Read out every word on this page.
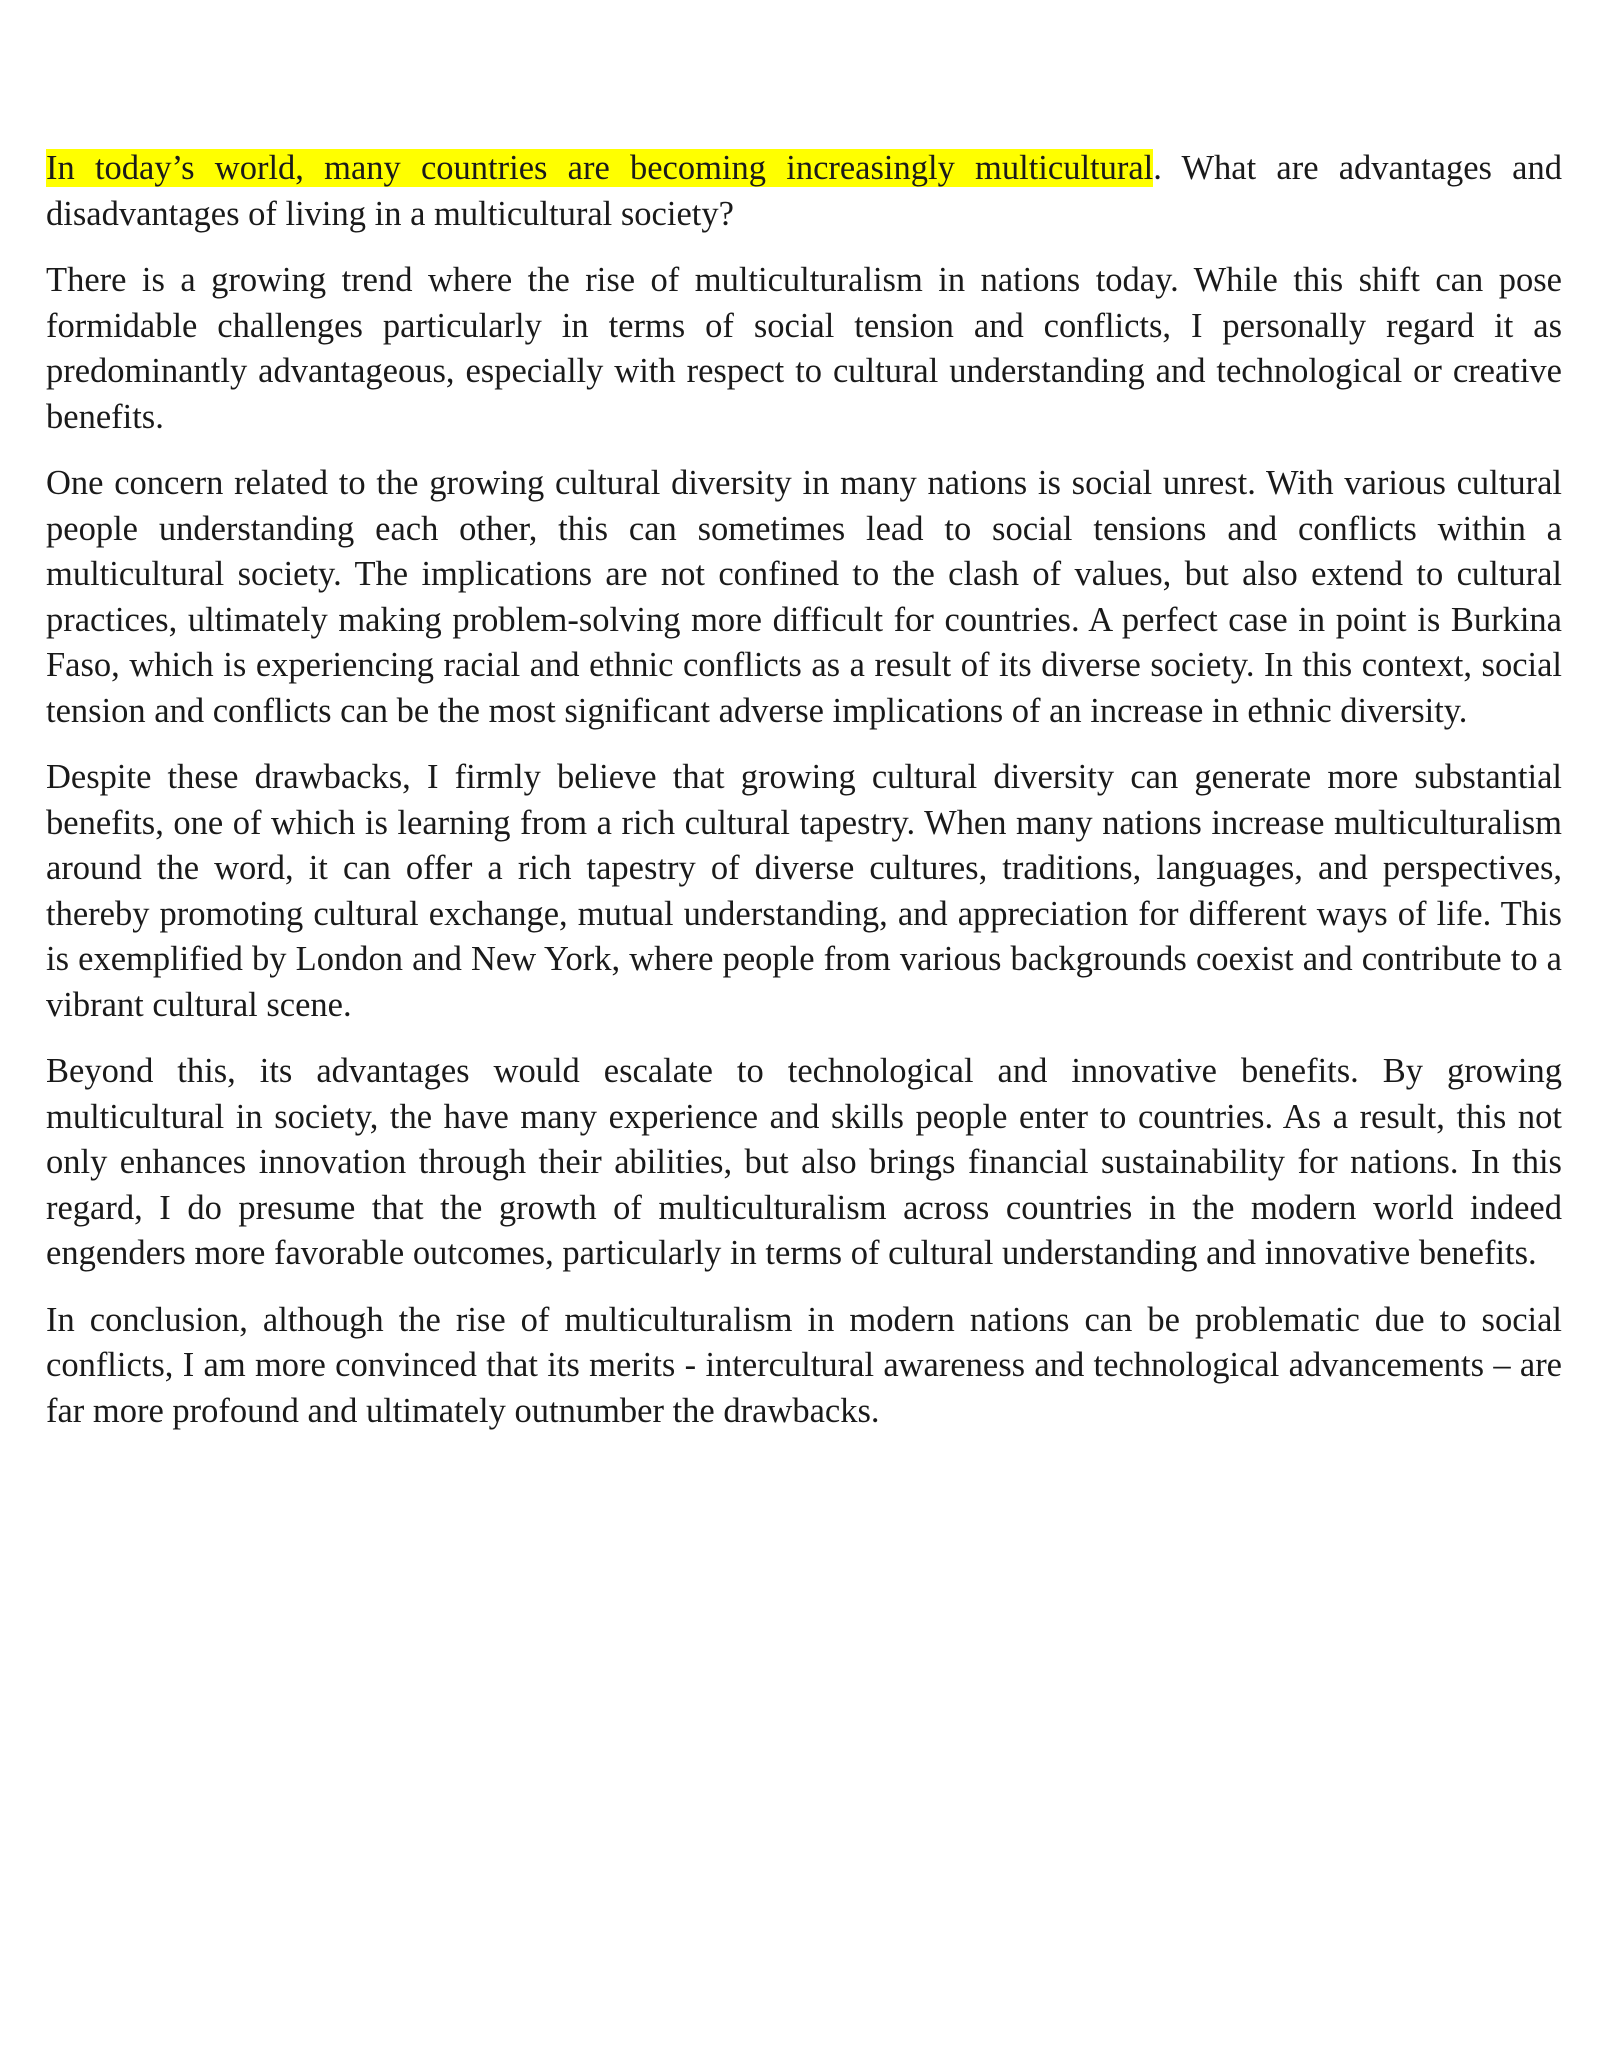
In today’s world, many countries are becoming increasingly multicultural. What are advantages and disadvantages of living in a multicultural society?

There is a growing trend where the rise of multiculturalism in nations today. While this shift can pose formidable challenges particularly in terms of social tension and conflicts, I personally regard it as predominantly advantageous, especially with respect to cultural understanding and technological or creative benefits.

One concern related to the growing cultural diversity in many nations is social unrest. With various cultural people understanding each other, this can sometimes lead to social tensions and conflicts within a multicultural society. The implications are not confined to the clash of values, but also extend to cultural practices, ultimately making problem-solving more difficult for countries. A perfect case in point is Burkina Faso, which is experiencing racial and ethnic conflicts as a result of its diverse society. In this context, social tension and conflicts can be the most significant adverse implications of an increase in ethnic diversity.

Despite these drawbacks, I firmly believe that growing cultural diversity can generate more substantial benefits, one of which is learning from a rich cultural tapestry. When many nations increase multiculturalism around the word, it can offer a rich tapestry of diverse cultures, traditions, languages, and perspectives, thereby promoting cultural exchange, mutual understanding, and appreciation for different ways of life. This is exemplified by London and New York, where people from various backgrounds coexist and contribute to a vibrant cultural scene.

Beyond this, its advantages would escalate to technological and innovative benefits. By growing multicultural in society, the have many experience and skills people enter to countries. As a result, this not only enhances innovation through their abilities, but also brings financial sustainability for nations. In this regard, I do presume that the growth of multiculturalism across countries in the modern world indeed engenders more favorable outcomes, particularly in terms of cultural understanding and innovative benefits.

In conclusion, although the rise of multiculturalism in modern nations can be problematic due to social conflicts, I am more convinced that its merits - intercultural awareness and technological advancements – are far more profound and ultimately outnumber the drawbacks.
